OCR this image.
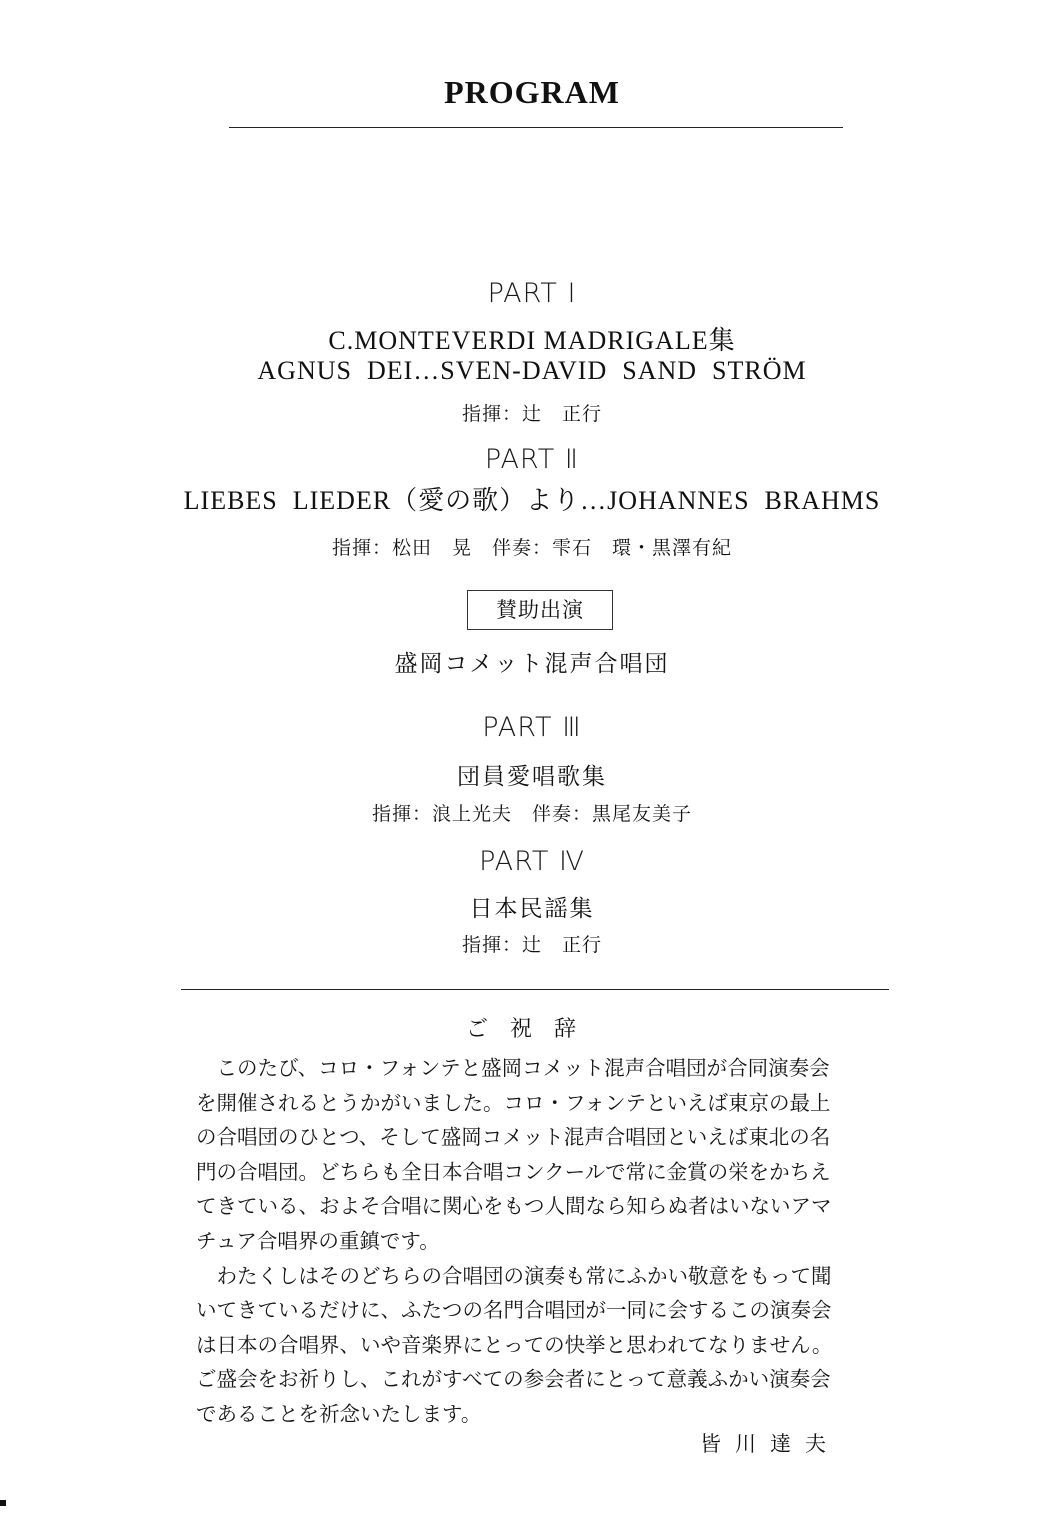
PROGRAM
PART Ⅰ
C.MONTEVERDI MADRIGALE集
AGNUS  DEI…SVEN-DAVID  SAND  STRÖM
指揮：辻　正行
PART Ⅱ
LIEBES  LIEDER（愛の歌）より…JOHANNES  BRAHMS
指揮：松田　晃　伴奏：雫石　環・黒澤有紀
賛助出演
盛岡コメット混声合唱団
PART Ⅲ
団員愛唱歌集
指揮：浪上光夫　伴奏：黒尾友美子
PART Ⅳ
日本民謡集
指揮：辻　正行
ご祝辞

　このたび、コロ・フォンテと盛岡コメット混声合唱団が合同演奏会
を開催されるとうかがいました。コロ・フォンテといえば東京の最上
の合唱団のひとつ、そして盛岡コメット混声合唱団といえば東北の名
門の合唱団。どちらも全日本合唱コンクールで常に金賞の栄をかちえ
てきている、およそ合唱に関心をもつ人間なら知らぬ者はいないアマ
チュア合唱界の重鎮です。

　わたくしはそのどちらの合唱団の演奏も常にふかい敬意をもって聞
いてきているだけに、ふたつの名門合唱団が一同に会するこの演奏会
は日本の合唱界、いや音楽界にとっての快挙と思われてなりません。
ご盛会をお祈りし、これがすべての参会者にとって意義ふかい演奏会
であることを祈念いたします。

皆川達夫
